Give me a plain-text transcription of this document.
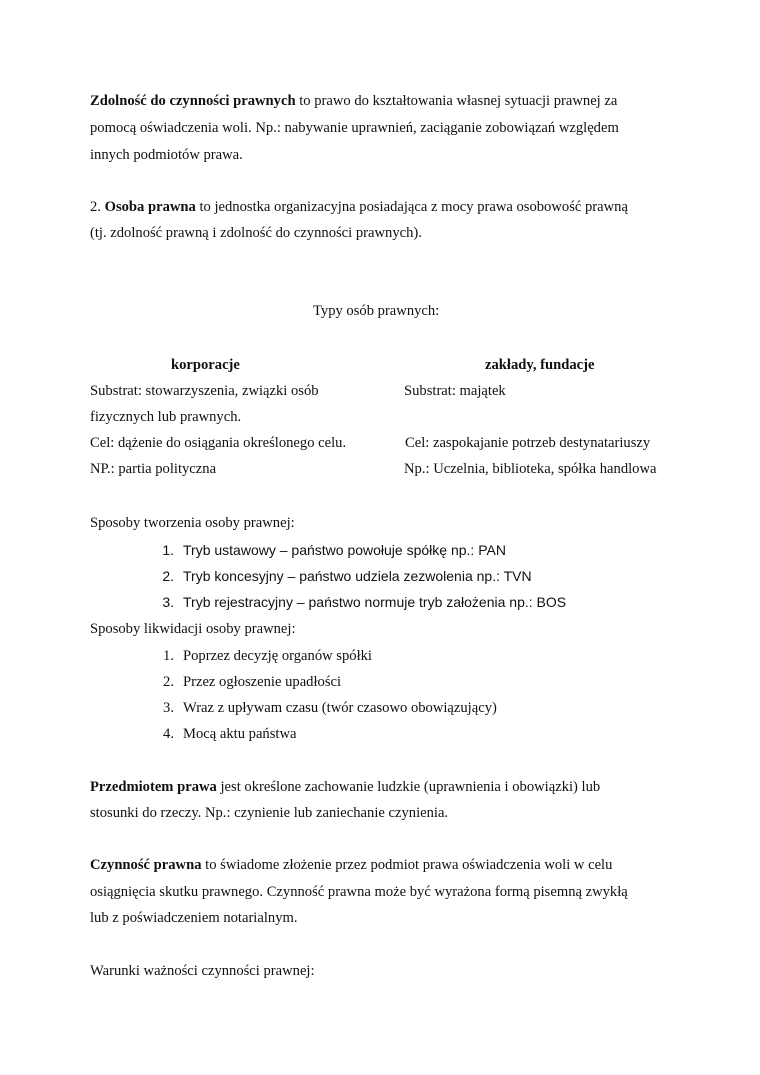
Zdolność do czynności prawnych to prawo do kształtowania własnej sytuacji prawnej za
pomocą oświadczenia woli. Np.: nabywanie uprawnień, zaciąganie zobowiązań względem
innych podmiotów prawa.
2. Osoba prawna to jednostka organizacyjna posiadająca z mocy prawa osobowość prawną
(tj. zdolność prawną i zdolność do czynności prawnych).
Typy osób prawnych:
korporacje
Substrat: stowarzyszenia, związki osób
fizycznych lub prawnych.
Cel: dążenie do osiągania określonego celu.
NP.: partia polityczna
zakłady, fundacje
Substrat: majątek
Cel: zaspokajanie potrzeb destynatariuszy
Np.: Uczelnia, biblioteka, spółka handlowa
Sposoby tworzenia osoby prawnej:
1. Tryb ustawowy – państwo powołuje spółkę np.: PAN
2. Tryb koncesyjny – państwo udziela zezwolenia np.: TVN
3. Tryb rejestracyjny – państwo normuje tryb założenia np.: BOS
Sposoby likwidacji osoby prawnej:
1. Poprzez decyzję organów spółki
2. Przez ogłoszenie upadłości
3. Wraz z upływam czasu (twór czasowo obowiązujący)
4. Mocą aktu państwa
Przedmiotem prawa jest określone zachowanie ludzkie (uprawnienia i obowiązki) lub
stosunki do rzeczy. Np.: czynienie lub zaniechanie czynienia.
Czynność prawna to świadome złożenie przez podmiot prawa oświadczenia woli w celu
osiągnięcia skutku prawnego. Czynność prawna może być wyrażona formą pisemną zwykłą
lub z poświadczeniem notarialnym.
Warunki ważności czynności prawnej:
